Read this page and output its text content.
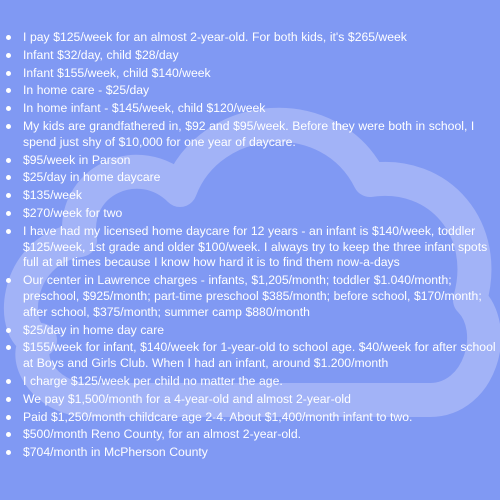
I pay $125/week for an almost 2-year-old. For both kids, it's $265/week
Infant $32/day, child $28/day
Infant $155/week, child $140/week
In home care - $25/day
In home infant - $145/week, child $120/week
My kids are grandfathered in, $92 and $95/week. Before they were both in school, I spend just shy of $10,000 for one year of daycare.
$95/week in Parson
$25/day in home daycare
$135/week
$270/week for two
I have had my licensed home daycare for 12 years - an infant is $140/week, toddler $125/week, 1st grade and older $100/week. I always try to keep the three infant spots full at all times because I know how hard it is to find them now-a-days
Our center in Lawrence charges - infants, $1,205/month; toddler $1.040/month; preschool, $925/month; part-time preschool $385/month; before school, $170/month; after school, $375/month; summer camp $880/month
$25/day in home day care
$155/week for infant, $140/week for 1-year-old to school age. $40/week for after school at Boys and Girls Club. When I had an infant, around $1.200/month
I charge $125/week per child no matter the age.
We pay $1,500/month for a 4-year-old and almost 2-year-old
Paid $1,250/month childcare age 2-4. About $1,400/month infant to two.
$500/month Reno County, for an almost 2-year-old.
$704/month in McPherson County
